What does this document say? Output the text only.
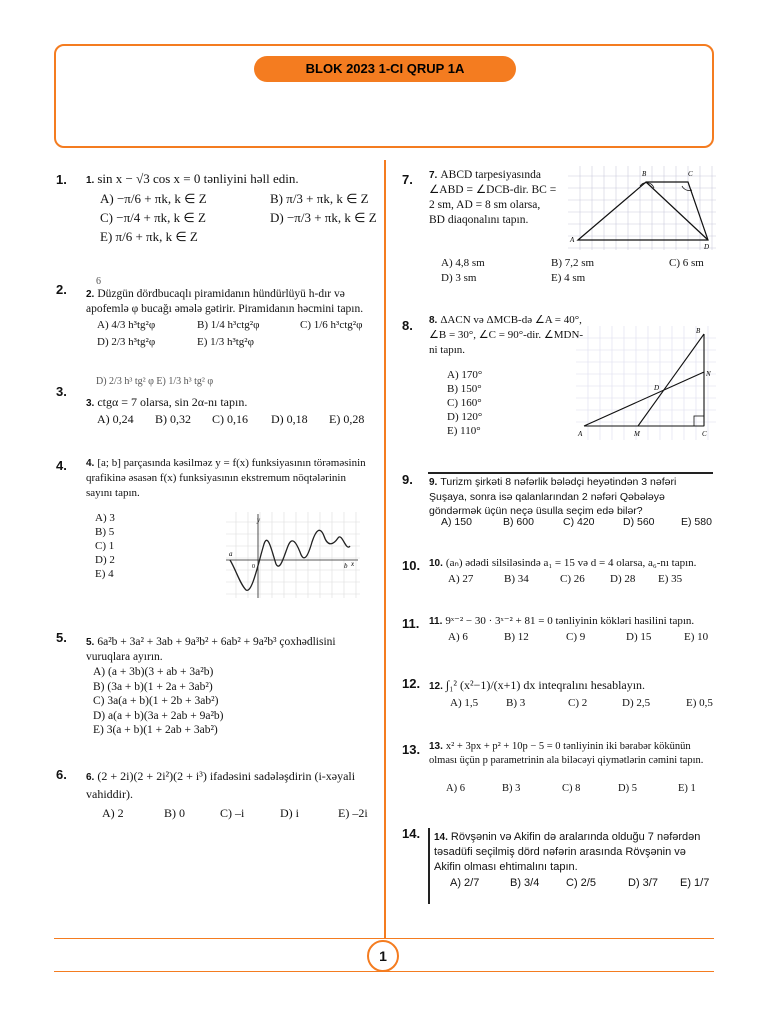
BLOK 2023 1-CI QRUP 1A
1
1. 1. sin x − √3 cos x = 0 tənliyini həll edin.
A) −π/6 + πk, k ∈ Z	B) π/3 + πk, k ∈ Z
C) −π/4 + πk, k ∈ Z	D) −π/3 + πk, k ∈ Z
E) π/6 + πk, k ∈ Z
6
2. 2. Düzgün dördbucaqlı piramidanın hündürlüyü h-dır və apofemlə φ bucağı əmələ gətirir. Piramidanın həcmini tapın.
A) 4/3 h³tg²φ	B) 1/4 h³ctg²φ	C) 1/6 h³ctg²φ
D) 2/3 h³tg²φ	E) 1/3 h³tg²φ
D) 2/3 h³ tg² φ E) 1/3 h³ tg² φ
3.
3. ctgα = 7 olarsa, sin 2α-nı tapın.
A) 0,24 B) 0,32 C) 0,16 D) 0,18 E) 0,28
4. 4. [a; b] parçasında kəsilməz y = f(x) funksiyasının törəməsinin qrafikinə əsasən f(x) funksiyasının ekstremum nöqtələrinin sayını tapın.
A) 3
B) 5
C) 1
D) 2
E) 4
y
x
a
b
0
5. 5. 6a²b + 3a² + 3ab + 9a³b² + 6ab² + 9a²b³ çoxhədlisini vuruqlara ayırın.
A) (a + 3b)(3 + ab + 3a²b)
B) (3a + b)(1 + 2a + 3ab²)
C) 3a(a + b)(1 + 2b + 3ab²)
D) a(a + b)(3a + 2ab + 9a²b)
E) 3(a + b)(1 + 2ab + 3ab²)
6. 6. (2 + 2i)(2 + 2i²)(2 + i³) ifadəsini sadələşdirin (i-xəyali vahiddir).
A) 2	B) 0	C) –i	D) i	E) –2i
7. 7. ABCD tarpesiyasında ∠ABD = ∠DCB-dir. BC = 2 sm, AD = 8 sm olarsa, BD diaqonalını tapın.
B	C
A
D
A) 4,8 sm	B) 7,2 sm	C) 6 sm
D) 3 sm	E) 4 sm
8. 8. ΔACN və ΔMCB-də ∠A = 40°, ∠B = 30°, ∠C = 90°-dir. ∠MDN-ni tapın.
A) 170°
B) 150°
C) 160°
D) 120°
E) 110°
B
N
D
A	M	C
9. 9. Turizm şirkəti 8 nəfərlik bələdçi heyətindən 3 nəfəri Şuşaya, sonra isə qalanlarından 2 nəfəri Qəbələyə göndərmək üçün neçə üsulla seçim edə bilər?
A) 150	B) 600	C) 420	D) 560	E) 580
10. 10. (aₙ) ədədi silsiləsində a₁ = 15 və d = 4 olarsa, a₆-nı tapın.
A) 27	B) 34	C) 26 D) 28 E) 35
11. 11. 9ˣ⁻² − 30 · 3ˣ⁻² + 81 = 0 tənliyinin kökləri hasilini tapın.
A) 6	B) 12	C) 9	D) 15	E) 10
12. 12. ∫₁² (x²−1)/(x+1) dx inteqralını hesablayın.
A) 1,5	B) 3	C) 2	D) 2,5	E) 0,5
13. 13. x² + 3px + p² + 10p − 5 = 0 tənliyinin iki bərabər kökünün olması üçün p parametrinin ala biləcəyi qiymətlərin cəmini tapın.
A) 6	B) 3	C) 8	D) 5	E) 1
14. 14. Rövşənin və Akifin də aralarında olduğu 7 nəfərdən təsadüfi seçilmiş dörd nəfərin arasında Rövşənin və Akifin olması ehtimalını tapın.
A) 2/7	B) 3/4 C) 2/5	D) 3/7 E) 1/7
